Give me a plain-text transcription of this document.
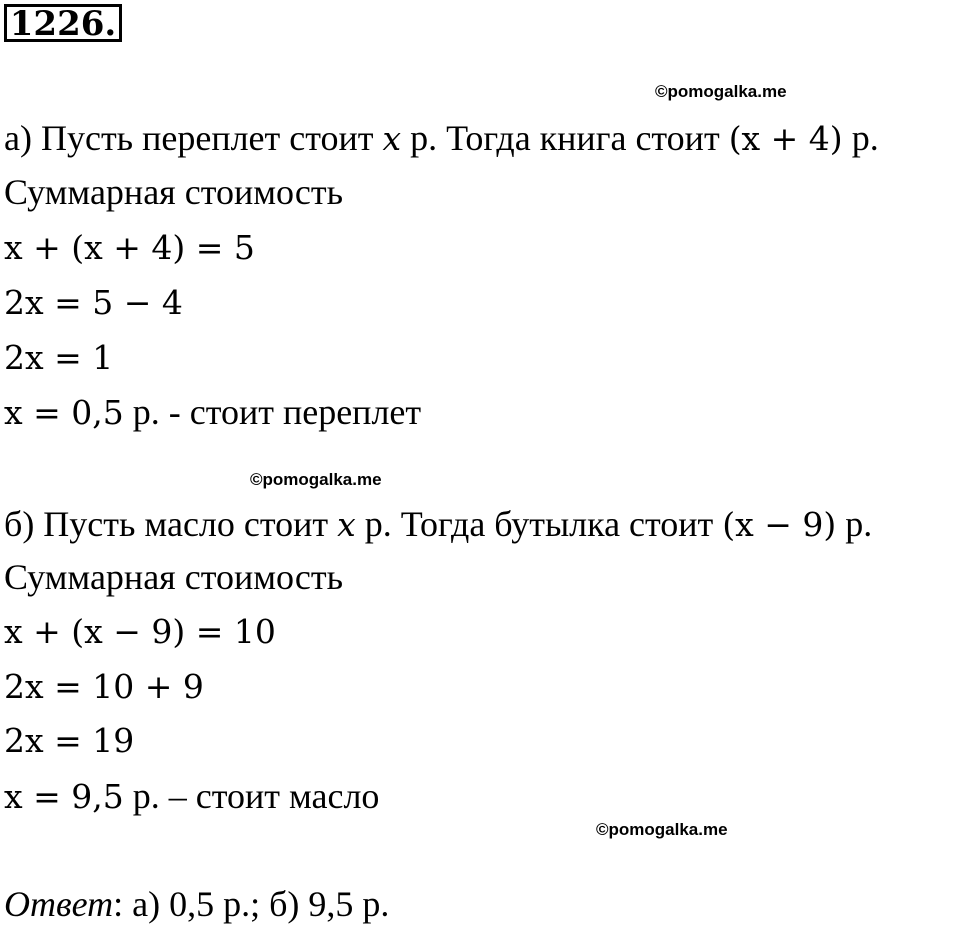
1226.
©pomogalka.me
а) Пусть переплет стоит x р. Тогда книга стоит (x + 4) р.
Суммарная стоимость
x + (x + 4) = 5
2x = 5 − 4
2x = 1
x = 0,5 р. - стоит переплет
©pomogalka.me
б) Пусть масло стоит x р. Тогда бутылка стоит (x − 9) р.
Суммарная стоимость
x + (x − 9) = 10
2x = 10 + 9
2x = 19
x = 9,5 р. – стоит масло
©pomogalka.me
Ответ: а) 0,5 р.; б) 9,5 р.
